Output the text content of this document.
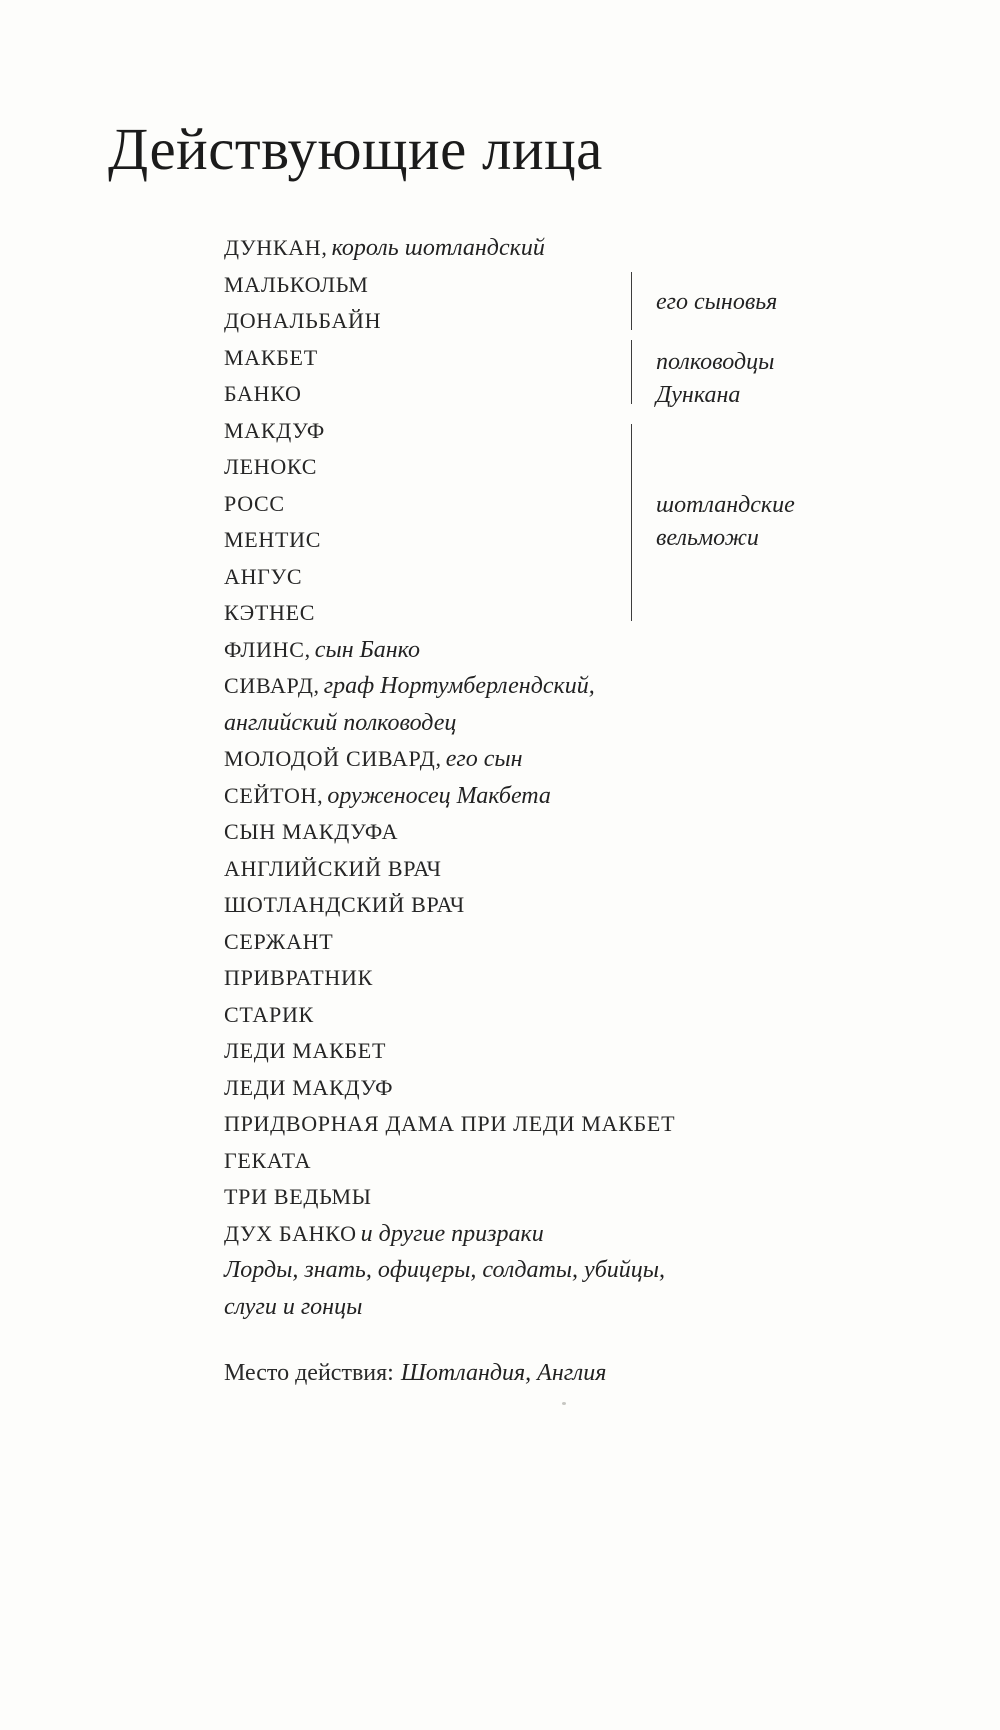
Действующие лица
ДУНКАН, король шотландский
МАЛЬКОЛЬМ
ДОНАЛЬБАЙН
МАКБЕТ
БАНКО
МАКДУФ
ЛЕНОКС
РОСС
МЕНТИС
АНГУС
КЭТНЕС
ФЛИНС, сын Банко
СИВАРД, граф Нортумберлендский,
английский полководец
МОЛОДОЙ СИВАРД, его сын
СЕЙТОН, оруженосец Макбета
СЫН МАКДУФА
АНГЛИЙСКИЙ ВРАЧ
ШОТЛАНДСКИЙ ВРАЧ
СЕРЖАНТ
ПРИВРАТНИК
СТАРИК
ЛЕДИ МАКБЕТ
ЛЕДИ МАКДУФ
ПРИДВОРНАЯ ДАМА ПРИ ЛЕДИ МАКБЕТ
ГЕКАТА
ТРИ ВЕДЬМЫ
ДУХ БАНКО и другие призраки
Лорды, знать, офицеры, солдаты, убийцы,
слуги и гонцы
его сыновья
полководцы
Дункана
шотландские
вельможи
Место действия: Шотландия, Англия
